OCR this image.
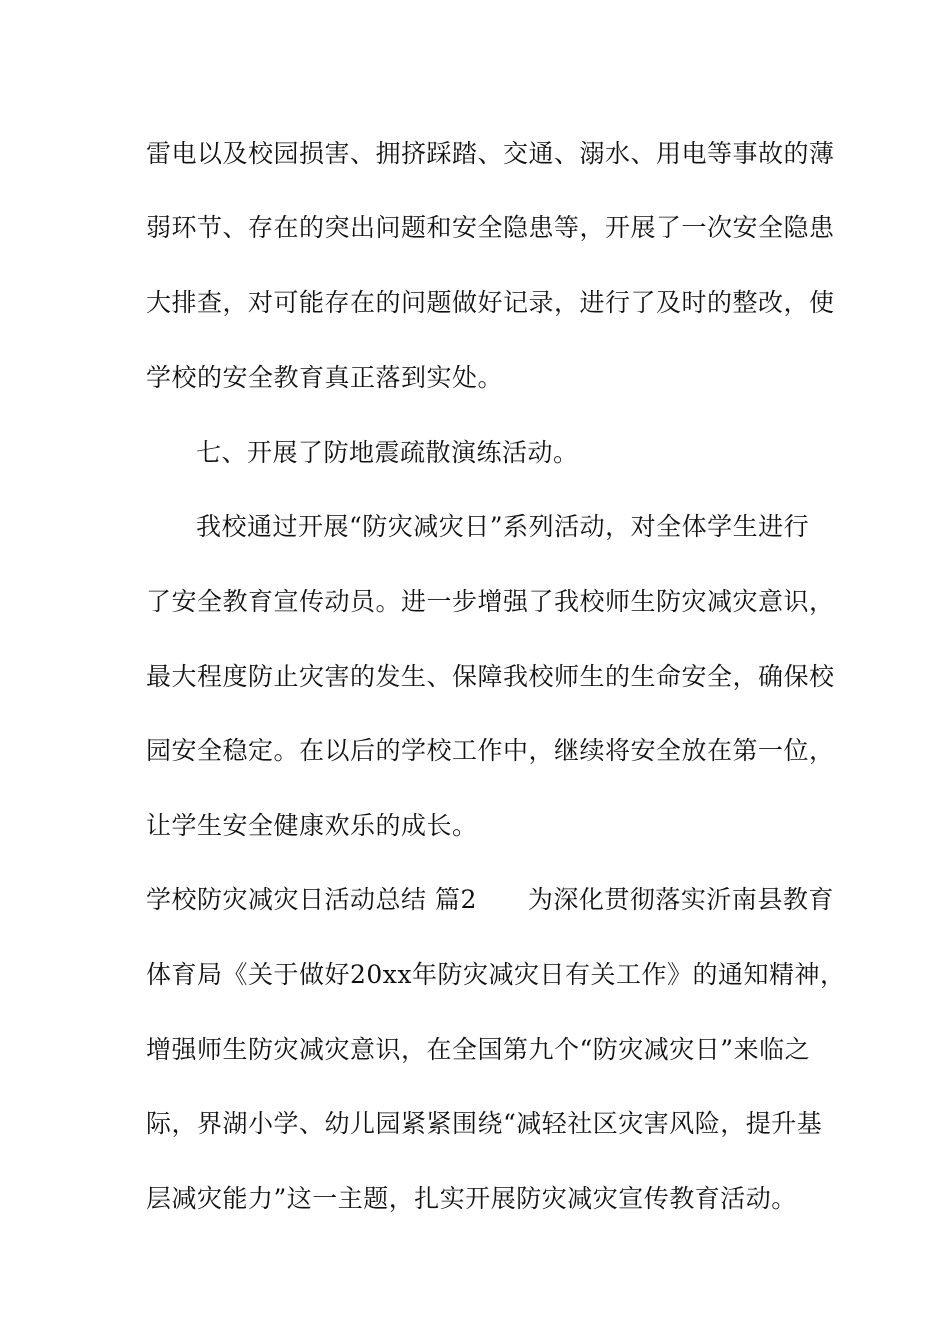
雷电以及校园损害、拥挤踩踏、交通、溺水、用电等事故的薄
弱环节、存在的突出问题和安全隐患等，开展了一次安全隐患
大排查，对可能存在的问题做好记录，进行了及时的整改，使
学校的安全教育真正落到实处。
七、开展了防地震疏散演练活动。
我校通过开展“防灾减灾日”系列活动，对全体学生进行
了安全教育宣传动员。进一步增强了我校师生防灾减灾意识，
最大程度防止灾害的发生、保障我校师生的生命安全，确保校
园安全稳定。在以后的学校工作中，继续将安全放在第一位，
让学生安全健康欢乐的成长。
学校防灾减灾日活动总结 篇2　　为深化贯彻落实沂南县教育
体育局《关于做好20xx年防灾减灾日有关工作》的通知精神，
增强师生防灾减灾意识，在全国第九个“防灾减灾日”来临之
际，界湖小学、幼儿园紧紧围绕“减轻社区灾害风险，提升基
层减灾能力”这一主题，扎实开展防灾减灾宣传教育活动。
